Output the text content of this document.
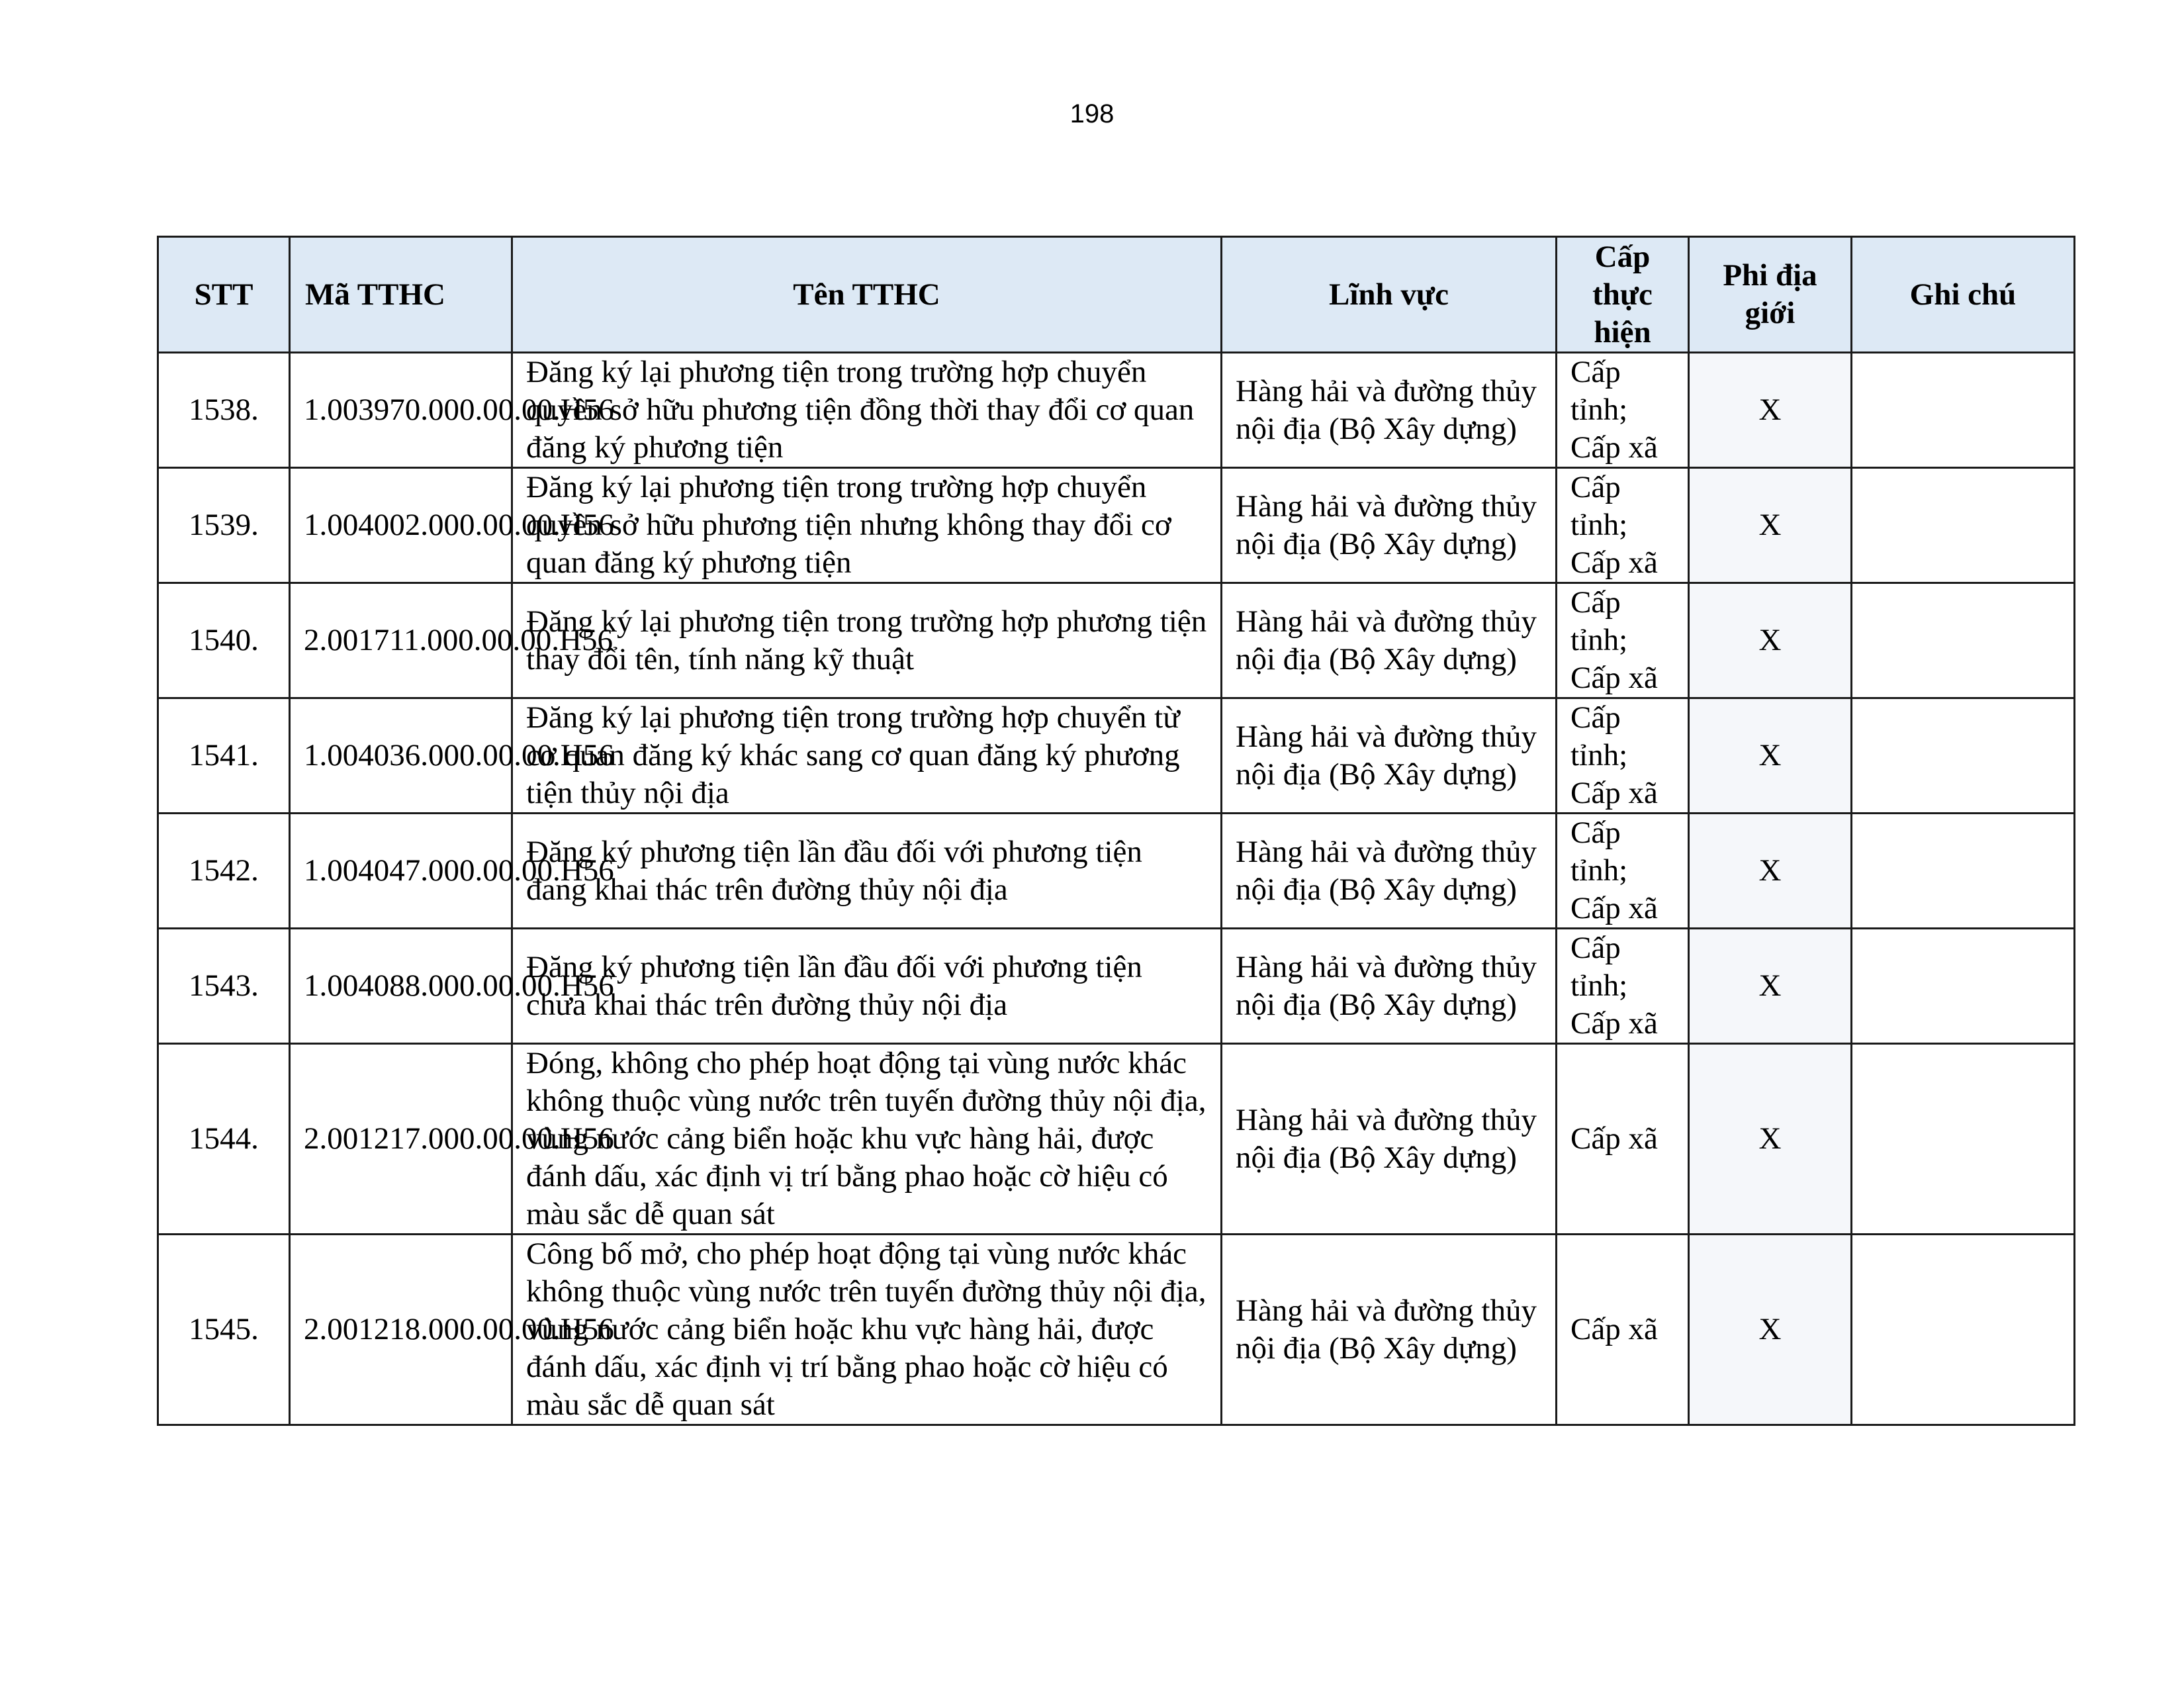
198
STT	Mã TTHC	Tên TTHC	Lĩnh vực	Cấp thực hiện	Phi địa giới	Ghi chú
1538.	1.003970.000.00.00.H56	Đăng ký lại phương tiện trong trường hợp chuyển quyền sở hữu phương tiện đồng thời thay đổi cơ quan đăng ký phương tiện	Hàng hải và đường thủy nội địa (Bộ Xây dựng)	Cấp tỉnh; Cấp xã	X	
1539.	1.004002.000.00.00.H56	Đăng ký lại phương tiện trong trường hợp chuyển quyền sở hữu phương tiện nhưng không thay đổi cơ quan đăng ký phương tiện	Hàng hải và đường thủy nội địa (Bộ Xây dựng)	Cấp tỉnh; Cấp xã	X	
1540.	2.001711.000.00.00.H56	Đăng ký lại phương tiện trong trường hợp phương tiện thay đổi tên, tính năng kỹ thuật	Hàng hải và đường thủy nội địa (Bộ Xây dựng)	Cấp tỉnh; Cấp xã	X	
1541.	1.004036.000.00.00.H56	Đăng ký lại phương tiện trong trường hợp chuyển từ cơ quan đăng ký khác sang cơ quan đăng ký phương tiện thủy nội địa	Hàng hải và đường thủy nội địa (Bộ Xây dựng)	Cấp tỉnh; Cấp xã	X	
1542.	1.004047.000.00.00.H56	Đăng ký phương tiện lần đầu đối với phương tiện đang khai thác trên đường thủy nội địa	Hàng hải và đường thủy nội địa (Bộ Xây dựng)	Cấp tỉnh; Cấp xã	X	
1543.	1.004088.000.00.00.H56	Đăng ký phương tiện lần đầu đối với phương tiện chưa khai thác trên đường thủy nội địa	Hàng hải và đường thủy nội địa (Bộ Xây dựng)	Cấp tỉnh; Cấp xã	X	
1544.	2.001217.000.00.00.H56	Đóng, không cho phép hoạt động tại vùng nước khác không thuộc vùng nước trên tuyến đường thủy nội địa, vùng nước cảng biển hoặc khu vực hàng hải, được đánh dấu, xác định vị trí bằng phao hoặc cờ hiệu có màu sắc dễ quan sát	Hàng hải và đường thủy nội địa (Bộ Xây dựng)	Cấp xã	X	
1545.	2.001218.000.00.00.H56	Công bố mở, cho phép hoạt động tại vùng nước khác không thuộc vùng nước trên tuyến đường thủy nội địa, vùng nước cảng biển hoặc khu vực hàng hải, được đánh dấu, xác định vị trí bằng phao hoặc cờ hiệu có màu sắc dễ quan sát	Hàng hải và đường thủy nội địa (Bộ Xây dựng)	Cấp xã	X	
